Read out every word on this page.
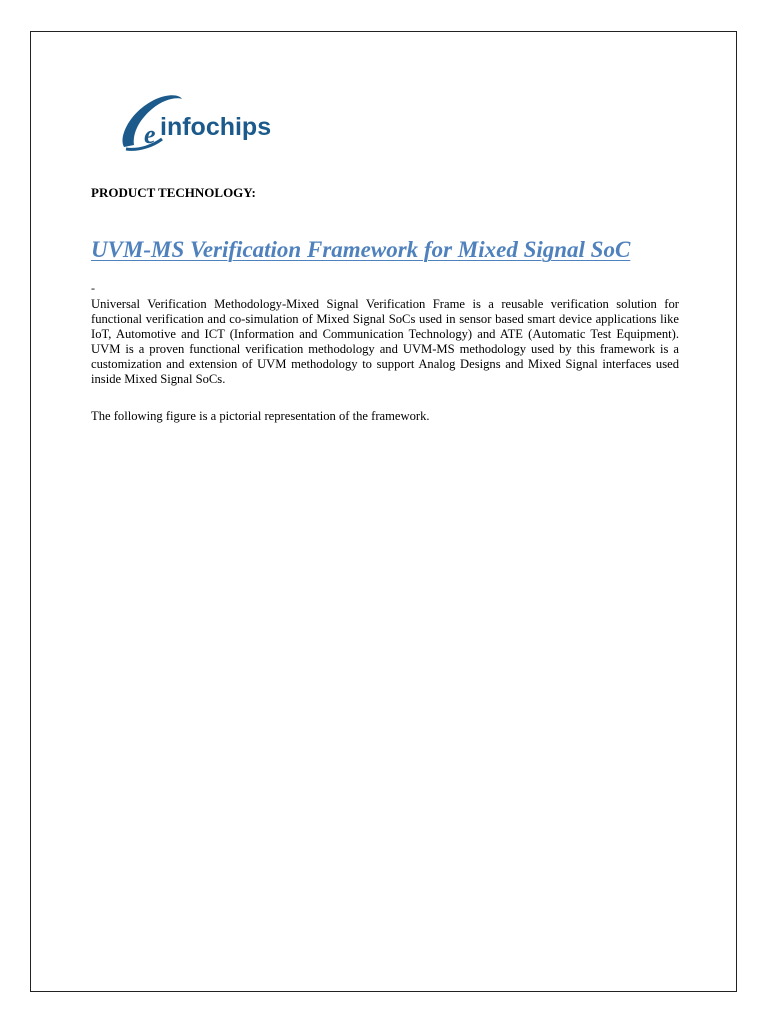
e infochips

PRODUCT TECHNOLOGY:

UVM-MS Verification Framework for Mixed Signal SoC

-

Universal Verification Methodology-Mixed Signal Verification Frame is a reusable verification solution for functional verification and co-simulation of Mixed Signal SoCs used in sensor based smart device applications like IoT, Automotive and ICT (Information and Communication Technology) and ATE (Automatic Test Equipment). UVM is a proven functional verification methodology and UVM-MS methodology used by this framework is a customization and extension of UVM methodology to support Analog Designs and Mixed Signal interfaces used inside Mixed Signal SoCs.

The following figure is a pictorial representation of the framework.
